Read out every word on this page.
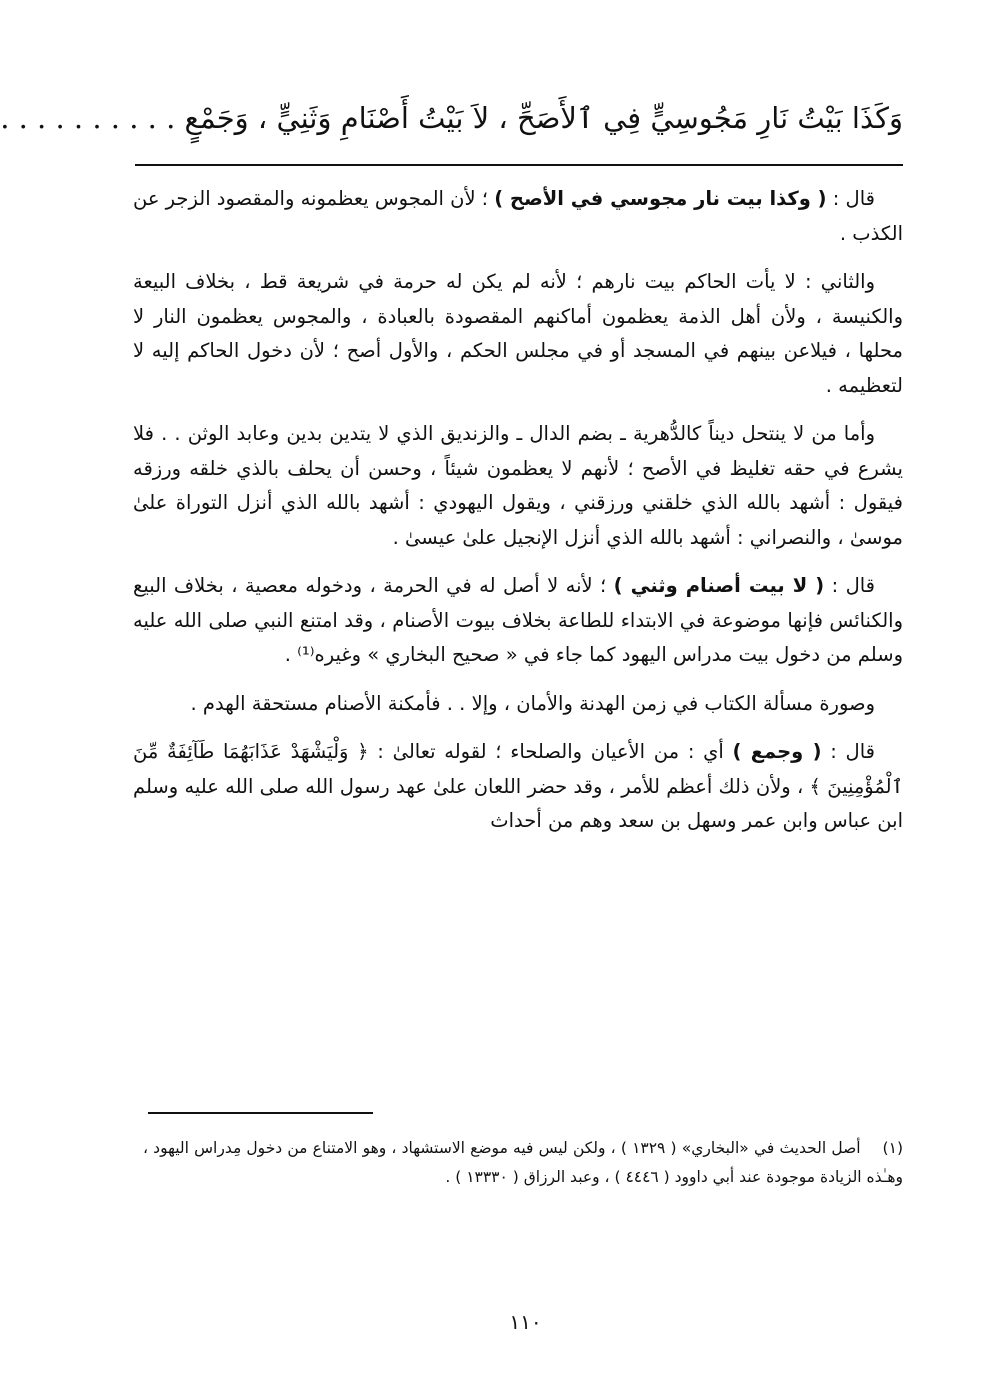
وَكَذَا بَيْتُ نَارِ مَجُوسِيٍّ فِي ٱلأَصَحِّ ، لاَ بَيْتُ أَصْنَامِ وَثَنِيٍّ ، وَجَمْعٍ . . . . . . . . . .

قال : ( وكذا بيت نار مجوسي في الأصح ) ؛ لأن المجوس يعظمونه والمقصود الزجر عن الكذب .

والثاني : لا يأت الحاكم بيت نارهم ؛ لأنه لم يكن له حرمة في شريعة قط ، بخلاف البيعة والكنيسة ، ولأن أهل الذمة يعظمون أماكنهم المقصودة بالعبادة ، والمجوس يعظمون النار لا محلها ، فيلاعن بينهم في المسجد أو في مجلس الحكم ، والأول أصح ؛ لأن دخول الحاكم إليه لا لتعظيمه .

وأما من لا ينتحل ديناً كالدُّهرية ـ بضم الدال ـ والزنديق الذي لا يتدين بدين وعابد الوثن . . فلا يشرع في حقه تغليظ في الأصح ؛ لأنهم لا يعظمون شيئاً ، وحسن أن يحلف بالذي خلقه ورزقه فيقول : أشهد بالله الذي خلقني ورزقني ، ويقول اليهودي : أشهد بالله الذي أنزل التوراة علىٰ موسىٰ ، والنصراني : أشهد بالله الذي أنزل الإنجيل علىٰ عيسىٰ .

قال : ( لا بيت أصنام وثني ) ؛ لأنه لا أصل له في الحرمة ، ودخوله معصية ، بخلاف البيع والكنائس فإنها موضوعة في الابتداء للطاعة بخلاف بيوت الأصنام ، وقد امتنع النبي صلى الله عليه وسلم من دخول بيت مدراس اليهود كما جاء في « صحيح البخاري » وغيره⁽¹⁾ .

وصورة مسألة الكتاب في زمن الهدنة والأمان ، وإلا . . فأمكنة الأصنام مستحقة الهدم .

قال : ( وجمع ) أي : من الأعيان والصلحاء ؛ لقوله تعالىٰ : ﴿ وَلْيَشْهَدْ عَذَابَهُمَا طَآئِفَةٌ مِّنَ ٱلْمُؤْمِنِينَ ﴾ ، ولأن ذلك أعظم للأمر ، وقد حضر اللعان علىٰ عهد رسول الله صلى الله عليه وسلم ابن عباس وابن عمر وسهل بن سعد وهم من أحداث

(١)أصل الحديث في «البخاري» ( ١٣٢٩ ) ، ولكن ليس فيه موضع الاستشهاد ، وهو الامتناع من دخول مِدراس اليهود ، وهـٰذه الزيادة موجودة عند أبي داوود ( ٤٤٤٦ ) ، وعبد الرزاق ( ١٣٣٣٠ ) .
١١٠
